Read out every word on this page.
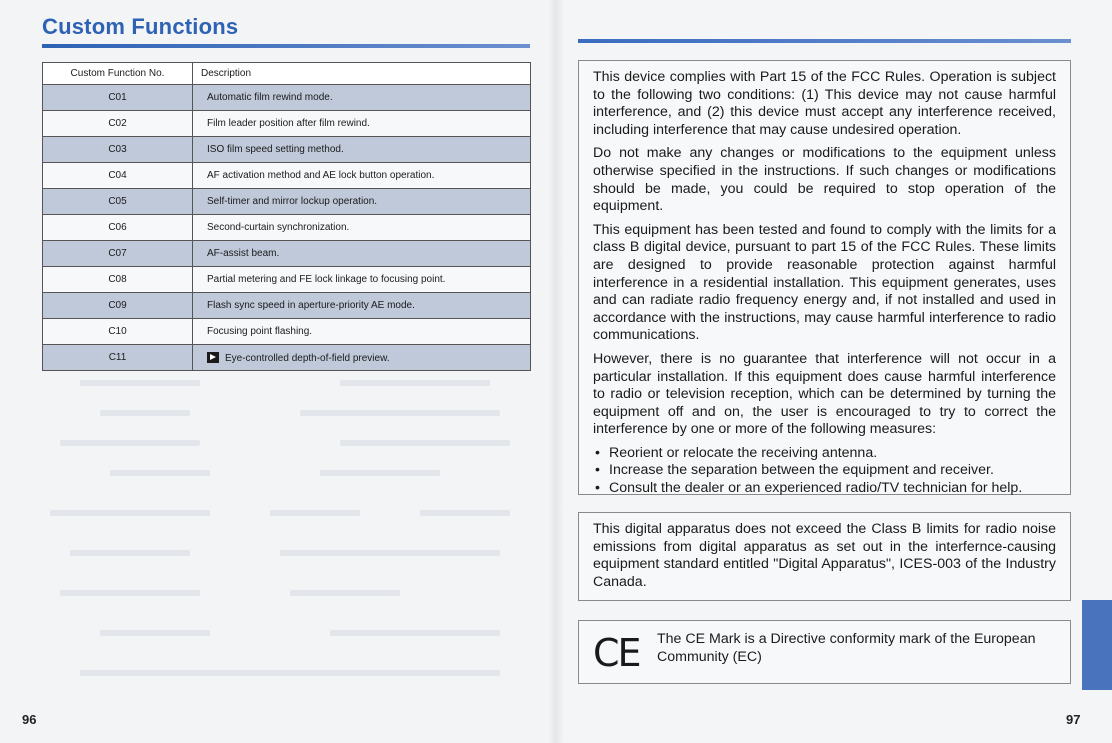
Custom Functions
Custom Function No.	Description
C01	Automatic film rewind mode.
C02	Film leader position after film rewind.
C03	ISO film speed setting method.
C04	AF activation method and AE lock button operation.
C05	Self-timer and mirror lockup operation.
C06	Second-curtain synchronization.
C07	AF-assist beam.
C08	Partial metering and FE lock linkage to focusing point.
C09	Flash sync speed in aperture-priority AE mode.
C10	Focusing point flashing.
C11	Eye-controlled depth-of-field preview.
96

This device complies with Part 15 of the FCC Rules. Operation is subject to the following two conditions: (1) This device may not cause harmful interference, and (2) this device must accept any interference received, including interference that may cause undesired operation.

Do not make any changes or modifications to the equipment unless otherwise specified in the instructions. If such changes or modifications should be made, you could be required to stop operation of the equipment.

This equipment has been tested and found to comply with the limits for a class B digital device, pursuant to part 15 of the FCC Rules. These limits are designed to provide reasonable protection against harmful interference in a residential installation. This equipment generates, uses and can radiate radio frequency energy and, if not installed and used in accordance with the instructions, may cause harmful interference to radio communications.

However, there is no guarantee that interference will not occur in a particular installation. If this equipment does cause harmful interference to radio or television reception, which can be determined by turning the equipment off and on, the user is encouraged to try to correct the interference by one or more of the following measures:

• Reorient or relocate the receiving antenna.
• Increase the separation between the equipment and receiver.
• Consult the dealer or an experienced radio/TV technician for help.

This digital apparatus does not exceed the Class B limits for radio noise emissions from digital apparatus as set out in the interfernce-causing equipment standard entitled "Digital Apparatus", ICES-003 of the Industry Canada.

CE The CE Mark is a Directive conformity mark of the European Community (EC)
97
